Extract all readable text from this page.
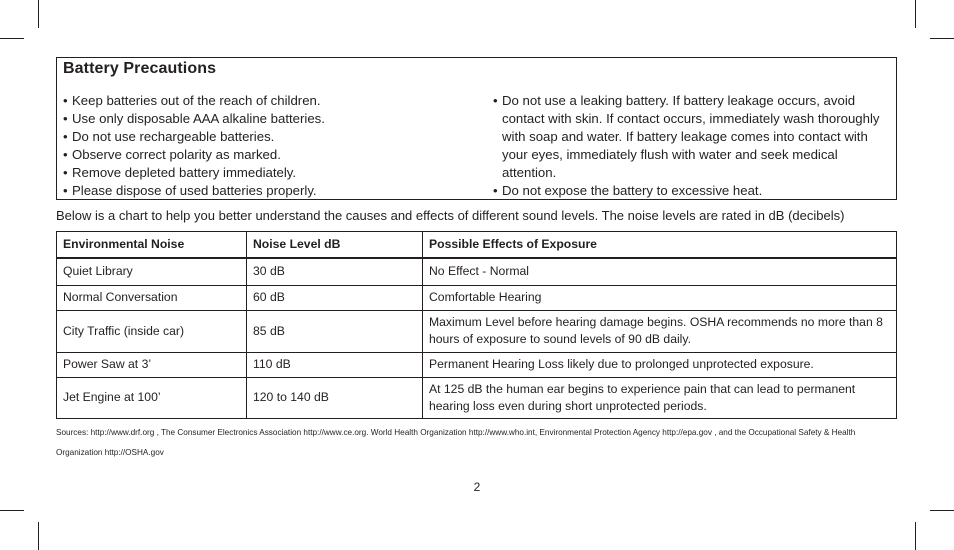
Battery Precautions
• Keep batteries out of the reach of children.
• Use only disposable AAA alkaline batteries.
• Do not use rechargeable batteries.
• Observe correct polarity as marked.
• Remove depleted battery immediately.
• Please dispose of used batteries properly.
• Do not use a leaking battery. If battery leakage occurs, avoid contact with skin. If contact occurs, immediately wash thoroughly with soap and water. If battery leakage comes into contact with your eyes, immediately flush with water and seek medical attention.
• Do not expose the battery to excessive heat.
Below is a chart to help you better understand the causes and effects of different sound levels. The noise levels are rated in dB (decibels)
Environmental Noise	Noise Level dB	Possible Effects of Exposure
Quiet Library	30 dB	No Effect - Normal
Normal Conversation	60 dB	Comfortable Hearing
City Traffic (inside car)	85 dB	Maximum Level before hearing damage begins. OSHA recommends no more than 8 hours of exposure to sound levels of 90 dB daily.
Power Saw at 3’	110 dB	Permanent Hearing Loss likely due to prolonged unprotected exposure.
Jet Engine at 100’	120 to 140 dB	At 125 dB the human ear begins to experience pain that can lead to permanent hearing loss even during short unprotected periods.
Sources: http://www.drf.org , The Consumer Electronics Association http://www.ce.org. World Health Organization http://www.who.int, Environmental Protection Agency http://epa.gov , and the Occupational Safety & Health Organization http://OSHA.gov
2
